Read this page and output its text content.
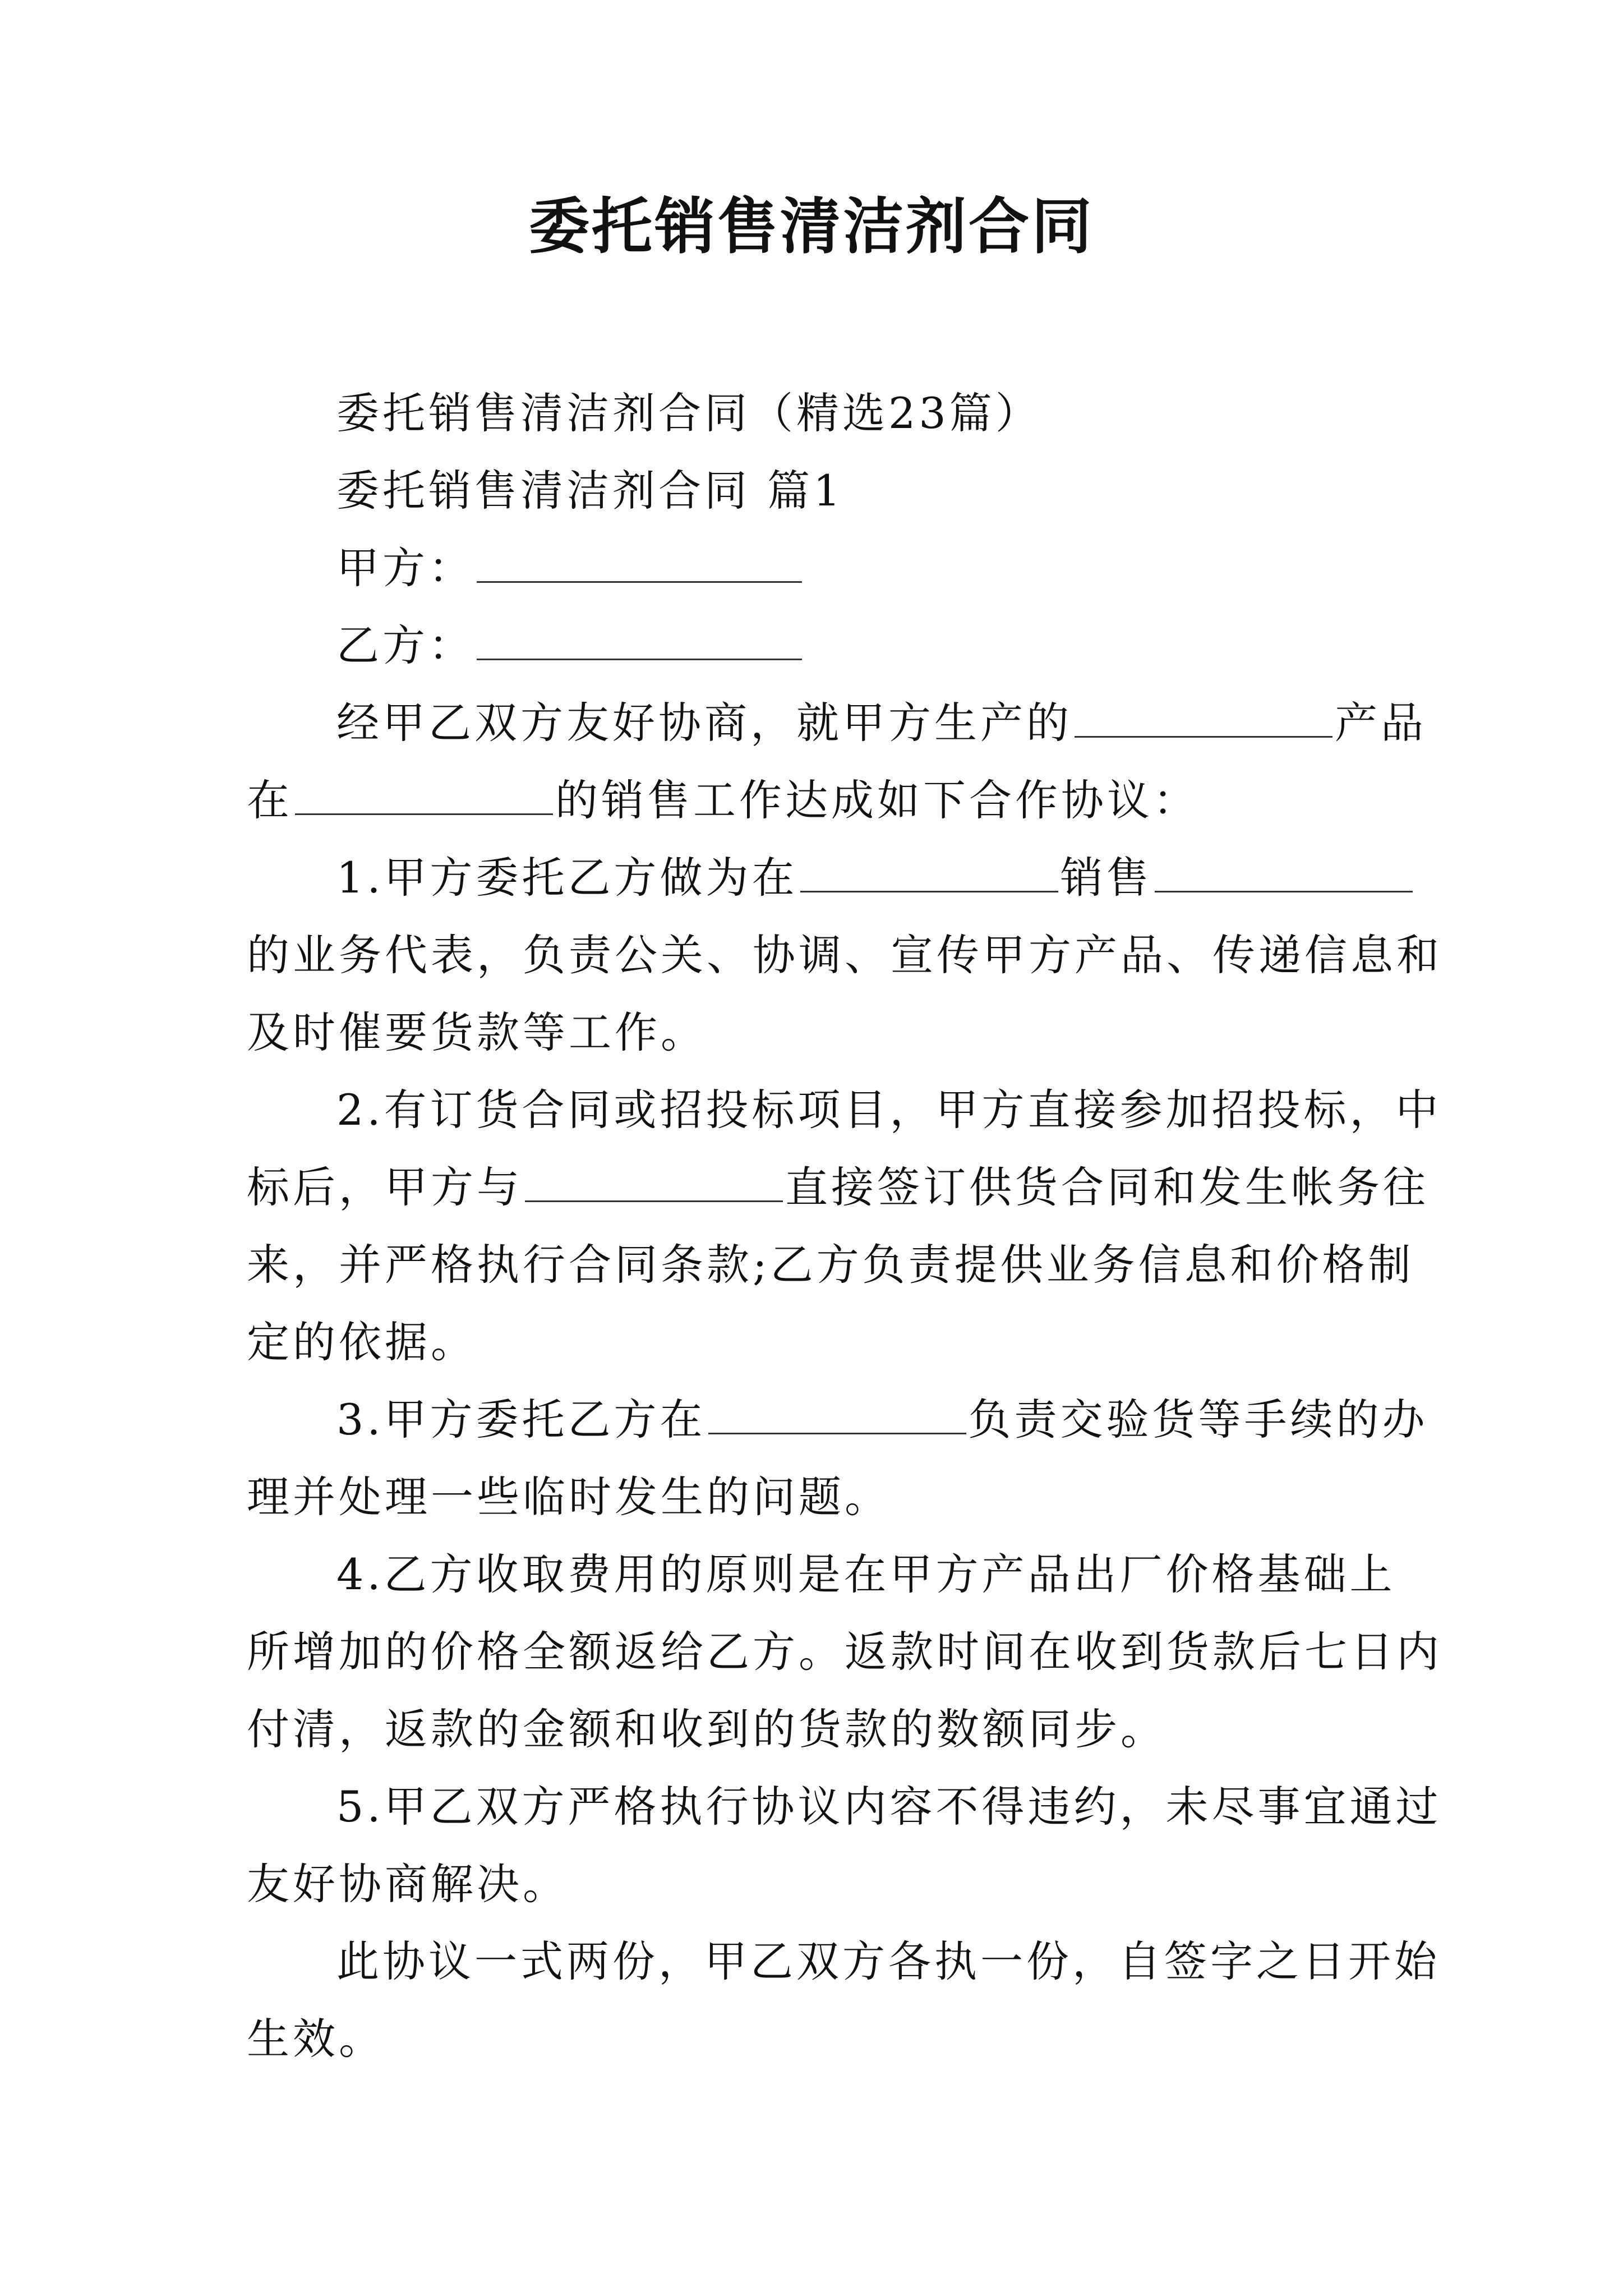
委托销售清洁剂合同
委托销售清洁剂合同（精选23篇）
委托销售清洁剂合同 篇1
甲方：
乙方：
经甲乙双方友好协商，就甲方生产的	产品
在	的销售工作达成如下合作协议：
1.甲方委托乙方做为在	销售
的业务代表，负责公关、协调、宣传甲方产品、传递信息和
及时催要货款等工作。
2.有订货合同或招投标项目，甲方直接参加招投标，中
标后，甲方与	直接签订供货合同和发生帐务往
来，并严格执行合同条款;乙方负责提供业务信息和价格制
定的依据。
3.甲方委托乙方在	负责交验货等手续的办
理并处理一些临时发生的问题。
4.乙方收取费用的原则是在甲方产品出厂价格基础上
所增加的价格全额返给乙方。返款时间在收到货款后七日内
付清，返款的金额和收到的货款的数额同步。
5.甲乙双方严格执行协议内容不得违约，未尽事宜通过
友好协商解决。
此协议一式两份，甲乙双方各执一份，自签字之日开始
生效。
